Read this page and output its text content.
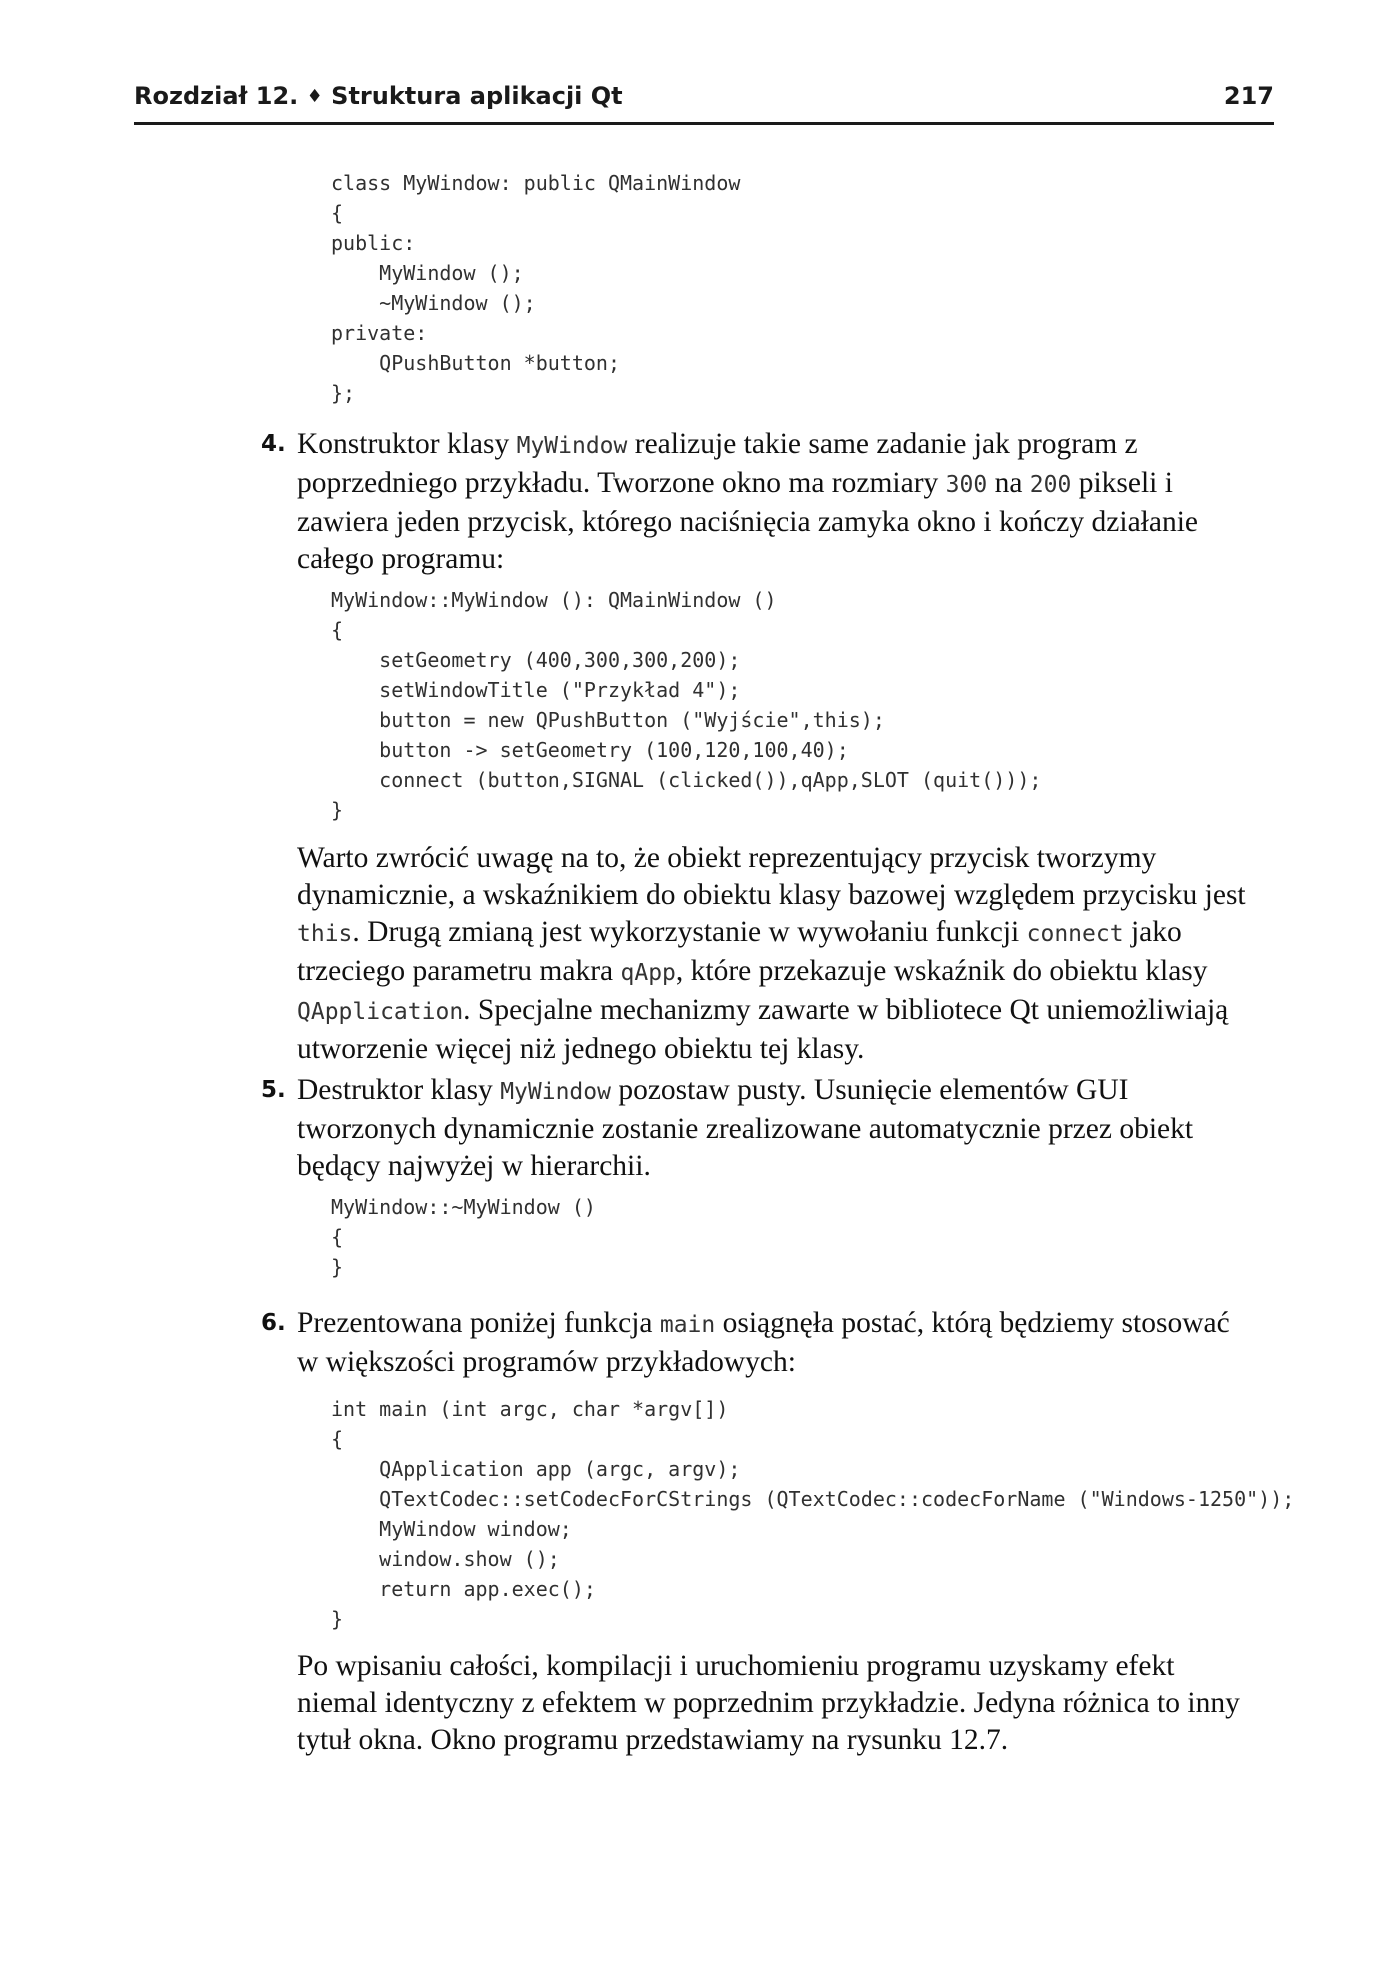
Rozdział 12. ♦ Struktura aplikacji Qt	217
class MyWindow: public QMainWindow
{
public:
MyWindow ();
~MyWindow ();
private:
QPushButton *button;
};
4. Konstruktor klasy MyWindow realizuje takie same zadanie jak program z poprzedniego przykładu. Tworzone okno ma rozmiary 300 na 200 pikseli i zawiera jeden przycisk, którego naciśnięcia zamyka okno i kończy działanie całego programu:
MyWindow::MyWindow (): QMainWindow ()
{
setGeometry (400,300,300,200);
setWindowTitle ("Przykład 4");
button = new QPushButton ("Wyjście",this);
button -> setGeometry (100,120,100,40);
connect (button,SIGNAL (clicked()),qApp,SLOT (quit()));
}
Warto zwrócić uwagę na to, że obiekt reprezentujący przycisk tworzymy dynamicznie, a wskaźnikiem do obiektu klasy bazowej względem przycisku jest this. Drugą zmianą jest wykorzystanie w wywołaniu funkcji connect jako trzeciego parametru makra qApp, które przekazuje wskaźnik do obiektu klasy QApplication. Specjalne mechanizmy zawarte w bibliotece Qt uniemożliwiają utworzenie więcej niż jednego obiektu tej klasy.
5. Destruktor klasy MyWindow pozostaw pusty. Usunięcie elementów GUI tworzonych dynamicznie zostanie zrealizowane automatycznie przez obiekt będący najwyżej w hierarchii.
MyWindow::~MyWindow ()
{
}
6. Prezentowana poniżej funkcja main osiągnęła postać, którą będziemy stosować w większości programów przykładowych:
int main (int argc, char *argv[])
{
QApplication app (argc, argv);
QTextCodec::setCodecForCStrings (QTextCodec::codecForName ("Windows-1250"));
MyWindow window;
window.show ();
return app.exec();
}
Po wpisaniu całości, kompilacji i uruchomieniu programu uzyskamy efekt niemal identyczny z efektem w poprzednim przykładzie. Jedyna różnica to inny tytuł okna. Okno programu przedstawiamy na rysunku 12.7.
